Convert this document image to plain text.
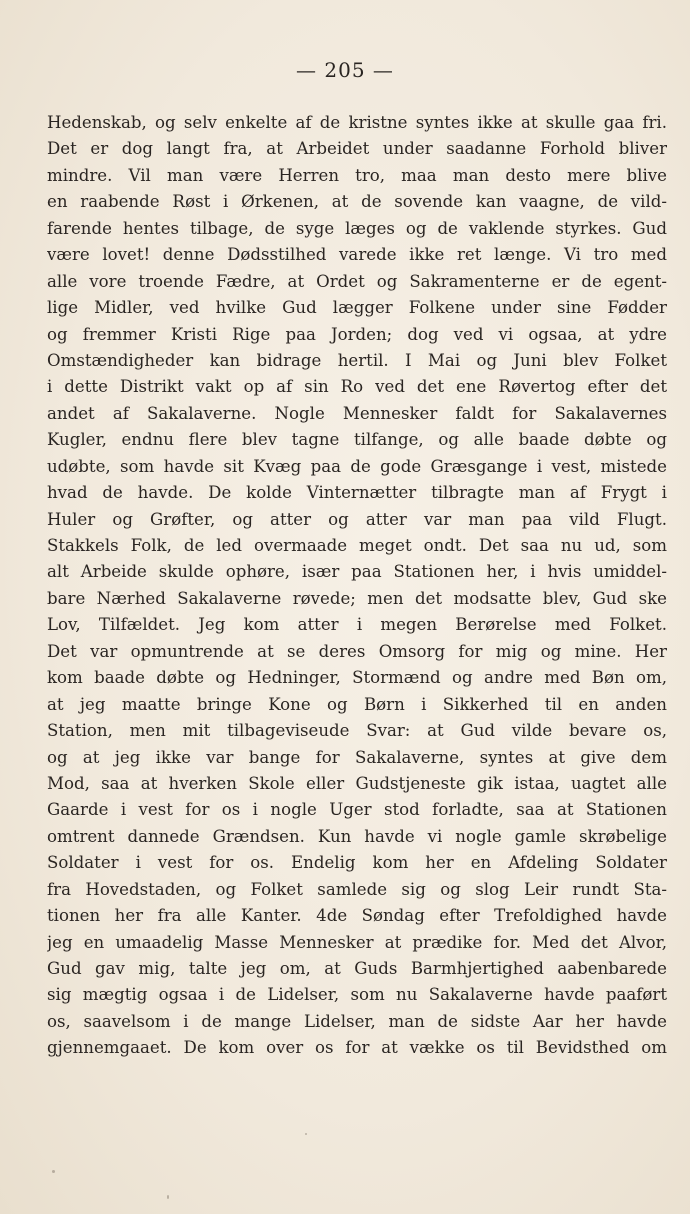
— 205 —
Hedenskab, og selv enkelte af de kristne syntes ikke at skulle gaa fri.
Det er dog langt fra, at Arbeidet under saadanne Forhold bliver
mindre. Vil man være Herren tro, maa man desto mere blive
en raabende Røst i Ørkenen, at de sovende kan vaagne, de vild-
farende hentes tilbage, de syge læges og de vaklende styrkes. Gud
være lovet! denne Dødsstilhed varede ikke ret længe. Vi tro med
alle vore troende Fædre, at Ordet og Sakramenterne er de egent-
lige Midler, ved hvilke Gud lægger Folkene under sine Fødder
og fremmer Kristi Rige paa Jorden; dog ved vi ogsaa, at ydre
Omstændigheder kan bidrage hertil. I Mai og Juni blev Folket
i dette Distrikt vakt op af sin Ro ved det ene Røvertog efter det
andet af Sakalaverne. Nogle Mennesker faldt for Sakalavernes
Kugler, endnu flere blev tagne tilfange, og alle baade døbte og
udøbte, som havde sit Kvæg paa de gode Græsgange i vest, mistede
hvad de havde. De kolde Vinternætter tilbragte man af Frygt i
Huler og Grøfter, og atter og atter var man paa vild Flugt.
Stakkels Folk, de led overmaade meget ondt. Det saa nu ud, som
alt Arbeide skulde ophøre, især paa Stationen her, i hvis umiddel-
bare Nærhed Sakalaverne røvede; men det modsatte blev, Gud ske
Lov, Tilfældet. Jeg kom atter i megen Berørelse med Folket.
Det var opmuntrende at se deres Omsorg for mig og mine. Her
kom baade døbte og Hedninger, Stormænd og andre med Bøn om,
at jeg maatte bringe Kone og Børn i Sikkerhed til en anden
Station, men mit tilbageviseude Svar: at Gud vilde bevare os,
og at jeg ikke var bange for Sakalaverne, syntes at give dem
Mod, saa at hverken Skole eller Gudstjeneste gik istaa, uagtet alle
Gaarde i vest for os i nogle Uger stod forladte, saa at Stationen
omtrent dannede Grændsen. Kun havde vi nogle gamle skrøbelige
Soldater i vest for os. Endelig kom her en Afdeling Soldater
fra Hovedstaden, og Folket samlede sig og slog Leir rundt Sta-
tionen her fra alle Kanter. 4de Søndag efter Trefoldighed havde
jeg en umaadelig Masse Mennesker at prædike for. Med det Alvor,
Gud gav mig, talte jeg om, at Guds Barmhjertighed aabenbarede
sig mægtig ogsaa i de Lidelser, som nu Sakalaverne havde paaført
os, saavelsom i de mange Lidelser, man de sidste Aar her havde
gjennemgaaet. De kom over os for at vække os til Bevidsthed om
